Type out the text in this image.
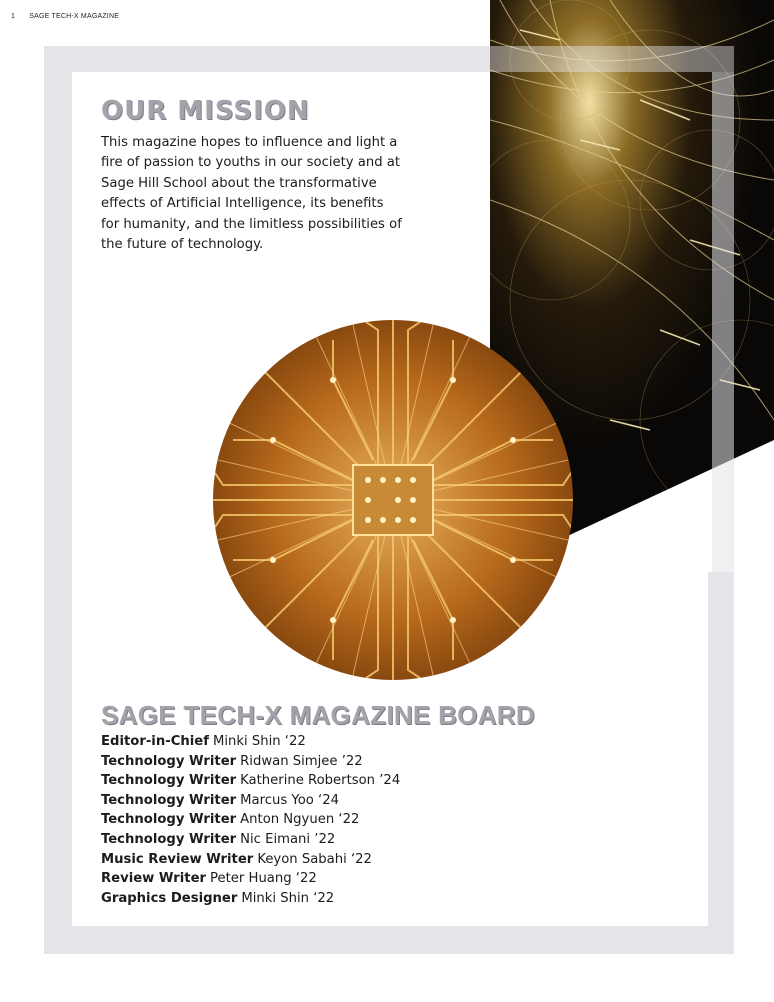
1 SAGE TECH-X MAGAZINE
OUR MISSION

This magazine hopes to influence and light a
fire of passion to youths in our society and at
Sage Hill School about the transformative
effects of Artificial Intelligence, its benefits
for humanity, and the limitless possibilities of
the future of technology.

SAGE TECH-X MAGAZINE BOARD
Editor-in-Chief Minki Shin ‘22
Technology Writer Ridwan Simjee ’22
Technology Writer Katherine Robertson ’24
Technology Writer Marcus Yoo ‘24
Technology Writer Anton Ngyuen ‘22
Technology Writer Nic Eimani ’22
Music Review Writer Keyon Sabahi ‘22
Review Writer Peter Huang ‘22
Graphics Designer Minki Shin ‘22
